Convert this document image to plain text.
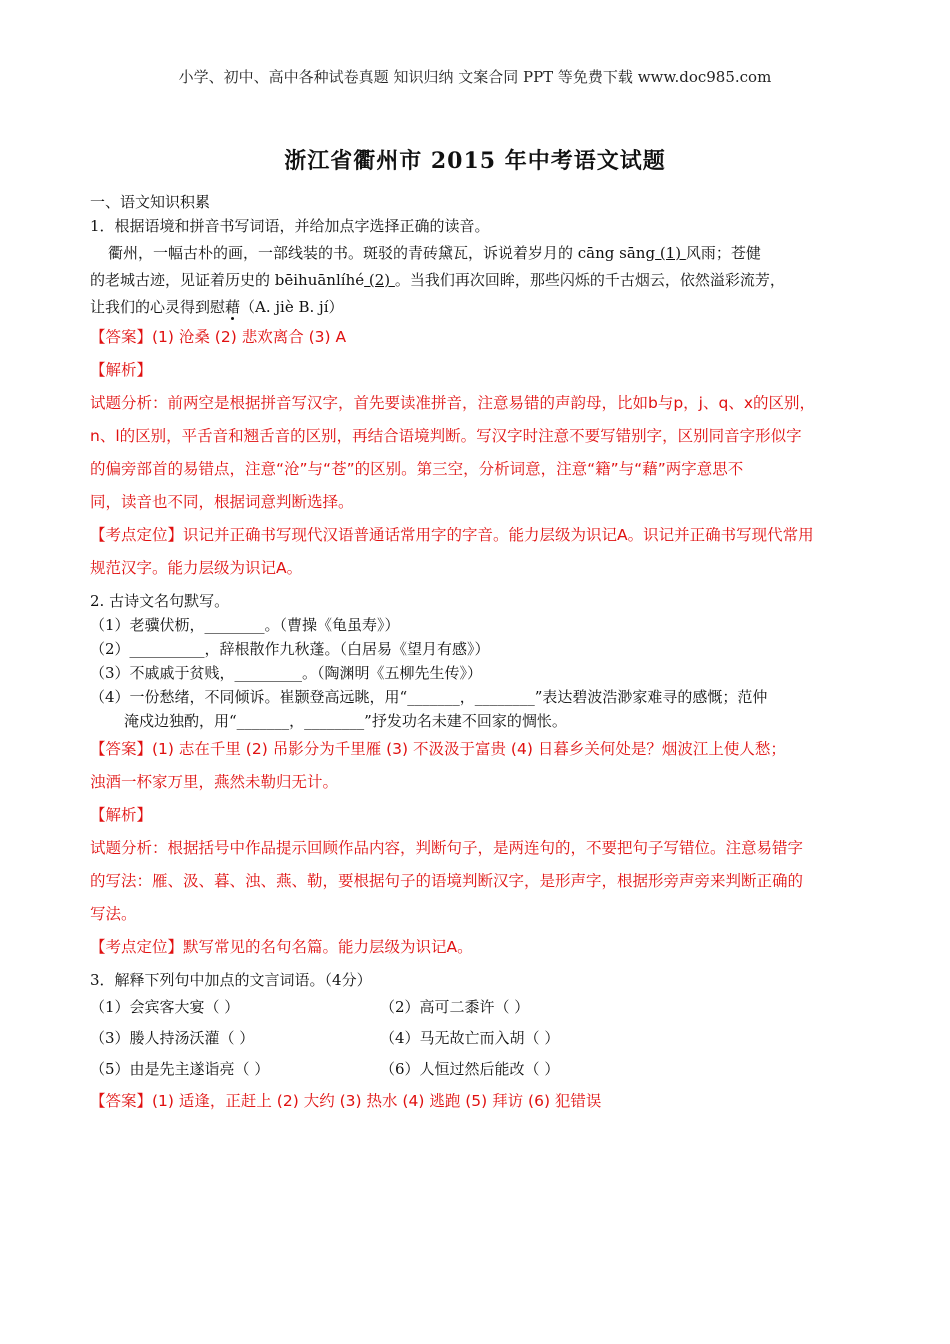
小学、初中、高中各种试卷真题 知识归纳 文案合同 PPT 等免费下载 www.doc985.com
浙江省衢州市 2015 年中考语文试题
一、语文知识积累
1．根据语境和拼音书写词语，并给加点字选择正确的读音。

衢州，一幅古朴的画，一部线装的书。斑驳的青砖黛瓦，诉说着岁月的 cāng sāng (1) 风雨；苍健

的老城古迹，见证着历史的 bēihuānlíhé (2) 。当我们再次回眸，那些闪烁的千古烟云，依然溢彩流芳，

让我们的心灵得到慰藉（A. jiè B. jí）

【答案】(1) 沧桑 (2) 悲欢离合 (3) A

【解析】

试题分析：前两空是根据拼音写汉字，首先要读准拼音，注意易错的声韵母，比如b与p，j、q、x的区别，

n、l的区别，平舌音和翘舌音的区别，再结合语境判断。写汉字时注意不要写错别字，区别同音字形似字

的偏旁部首的易错点，注意“沧”与“苍”的区别。第三空，分析词意，注意“籍”与“藉”两字意思不

同，读音也不同，根据词意判断选择。

【考点定位】识记并正确书写现代汉语普通话常用字的字音。能力层级为识记A。识记并正确书写现代常用

规范汉字。能力层级为识记A。

2. 古诗文名句默写。
（1）老骥伏枥，________。（曹操《龟虽寿》）
（2）__________，辞根散作九秋蓬。（白居易《望月有感》）
（3）不戚戚于贫贱，_________。（陶渊明《五柳先生传》）
（4）一份愁绪，不同倾诉。崔颢登高远眺，用“_______，________”表达碧波浩渺家难寻的感慨；范仲
淹戍边独酌，用“_______，________”抒发功名未建不回家的惆怅。

【答案】(1) 志在千里 (2) 吊影分为千里雁 (3) 不汲汲于富贵 (4) 日暮乡关何处是？烟波江上使人愁；

浊酒一杯家万里，燕然未勒归无计。

【解析】

试题分析：根据括号中作品提示回顾作品内容，判断句子，是两连句的，不要把句子写错位。注意易错字

的写法：雁、汲、暮、浊、燕、勒，要根据句子的语境判断汉字，是形声字，根据形旁声旁来判断正确的

写法。

【考点定位】默写常见的名句名篇。能力层级为识记A。

3．解释下列句中加点的文言词语。（4分）
（1）会宾客大宴（ ）	（2）高可二黍许（ ）
（3）媵人持汤沃灌（ ）	（4）马无故亡而入胡（ ）
（5）由是先主遂诣亮（ ）	（6）人恒过然后能改（ ）

【答案】(1) 适逢，正赶上 (2) 大约 (3) 热水 (4) 逃跑 (5) 拜访 (6) 犯错误
